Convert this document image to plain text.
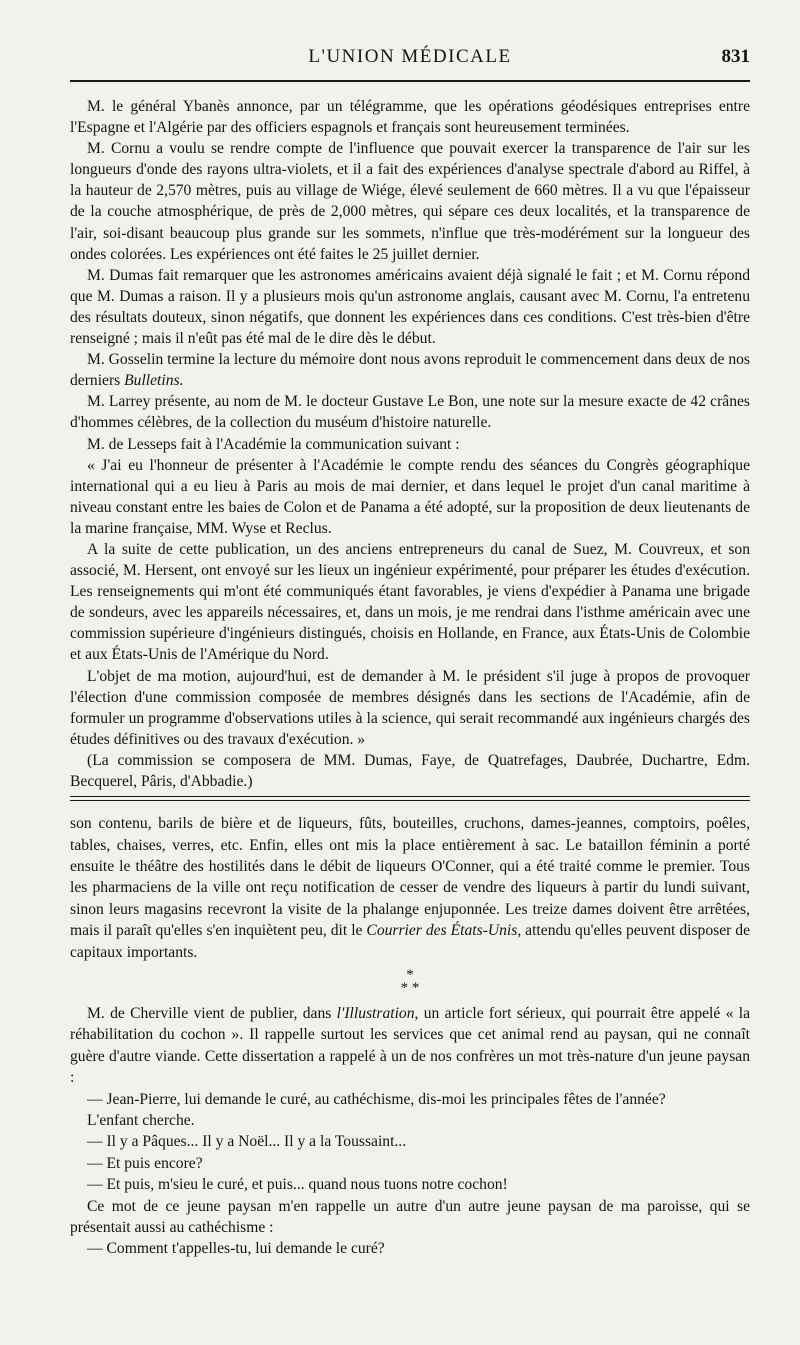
L'UNION MÉDICALE	831

M. le général Ybanès annonce, par un télégramme, que les opérations géodésiques entreprises entre l'Espagne et l'Algérie par des officiers espagnols et français sont heureusement terminées.

M. Cornu a voulu se rendre compte de l'influence que pouvait exercer la transparence de l'air sur les longueurs d'onde des rayons ultra-violets, et il a fait des expériences d'analyse spectrale d'abord au Riffel, à la hauteur de 2,570 mètres, puis au village de Wiége, élevé seulement de 660 mètres. Il a vu que l'épaisseur de la couche atmosphérique, de près de 2,000 mètres, qui sépare ces deux localités, et la transparence de l'air, soi-disant beaucoup plus grande sur les sommets, n'influe que très-modérément sur la longueur des ondes colorées. Les expériences ont été faites le 25 juillet dernier.

M. Dumas fait remarquer que les astronomes américains avaient déjà signalé le fait ; et M. Cornu répond que M. Dumas a raison. Il y a plusieurs mois qu'un astronome anglais, causant avec M. Cornu, l'a entretenu des résultats douteux, sinon négatifs, que donnent les expériences dans ces conditions. C'est très-bien d'être renseigné ; mais il n'eût pas été mal de le dire dès le début.

M. Gosselin termine la lecture du mémoire dont nous avons reproduit le commencement dans deux de nos derniers Bulletins.

M. Larrey présente, au nom de M. le docteur Gustave Le Bon, une note sur la mesure exacte de 42 crânes d'hommes célèbres, de la collection du muséum d'histoire naturelle.

M. de Lesseps fait à l'Académie la communication suivant :

« J'ai eu l'honneur de présenter à l'Académie le compte rendu des séances du Congrès géographique international qui a eu lieu à Paris au mois de mai dernier, et dans lequel le projet d'un canal maritime à niveau constant entre les baies de Colon et de Panama a été adopté, sur la proposition de deux lieutenants de la marine française, MM. Wyse et Reclus.

A la suite de cette publication, un des anciens entrepreneurs du canal de Suez, M. Couvreux, et son associé, M. Hersent, ont envoyé sur les lieux un ingénieur expérimenté, pour préparer les études d'exécution. Les renseignements qui m'ont été communiqués étant favorables, je viens d'expédier à Panama une brigade de sondeurs, avec les appareils nécessaires, et, dans un mois, je me rendrai dans l'isthme américain avec une commission supérieure d'ingénieurs distingués, choisis en Hollande, en France, aux États-Unis de Colombie et aux États-Unis de l'Amérique du Nord.

L'objet de ma motion, aujourd'hui, est de demander à M. le président s'il juge à propos de provoquer l'élection d'une commission composée de membres désignés dans les sections de l'Académie, afin de formuler un programme d'observations utiles à la science, qui serait recommandé aux ingénieurs chargés des études définitives ou des travaux d'exécution. »

(La commission se composera de MM. Dumas, Faye, de Quatrefages, Daubrée, Duchartre, Edm. Becquerel, Pâris, d'Abbadie.)

son contenu, barils de bière et de liqueurs, fûts, bouteilles, cruchons, dames-jeannes, comptoirs, poêles, tables, chaises, verres, etc. Enfin, elles ont mis la place entièrement à sac. Le bataillon féminin a porté ensuite le théâtre des hostilités dans le débit de liqueurs O'Conner, qui a été traité comme le premier. Tous les pharmaciens de la ville ont reçu notification de cesser de vendre des liqueurs à partir du lundi suivant, sinon leurs magasins recevront la visite de la phalange enjuponnée. Les treize dames doivent être arrêtées, mais il paraît qu'elles s'en inquiètent peu, dit le Courrier des États-Unis, attendu qu'elles peuvent disposer de capitaux importants.

*
* *

M. de Cherville vient de publier, dans l'Illustration, un article fort sérieux, qui pourrait être appelé « la réhabilitation du cochon ». Il rappelle surtout les services que cet animal rend au paysan, qui ne connaît guère d'autre viande. Cette dissertation a rappelé à un de nos confrères un mot très-nature d'un jeune paysan :

— Jean-Pierre, lui demande le curé, au cathéchisme, dis-moi les principales fêtes de l'année?

L'enfant cherche.

— Il y a Pâques... Il y a Noël... Il y a la Toussaint...

— Et puis encore?

— Et puis, m'sieu le curé, et puis... quand nous tuons notre cochon!

Ce mot de ce jeune paysan m'en rappelle un autre d'un autre jeune paysan de ma paroisse, qui se présentait aussi au cathéchisme :

— Comment t'appelles-tu, lui demande le curé?
